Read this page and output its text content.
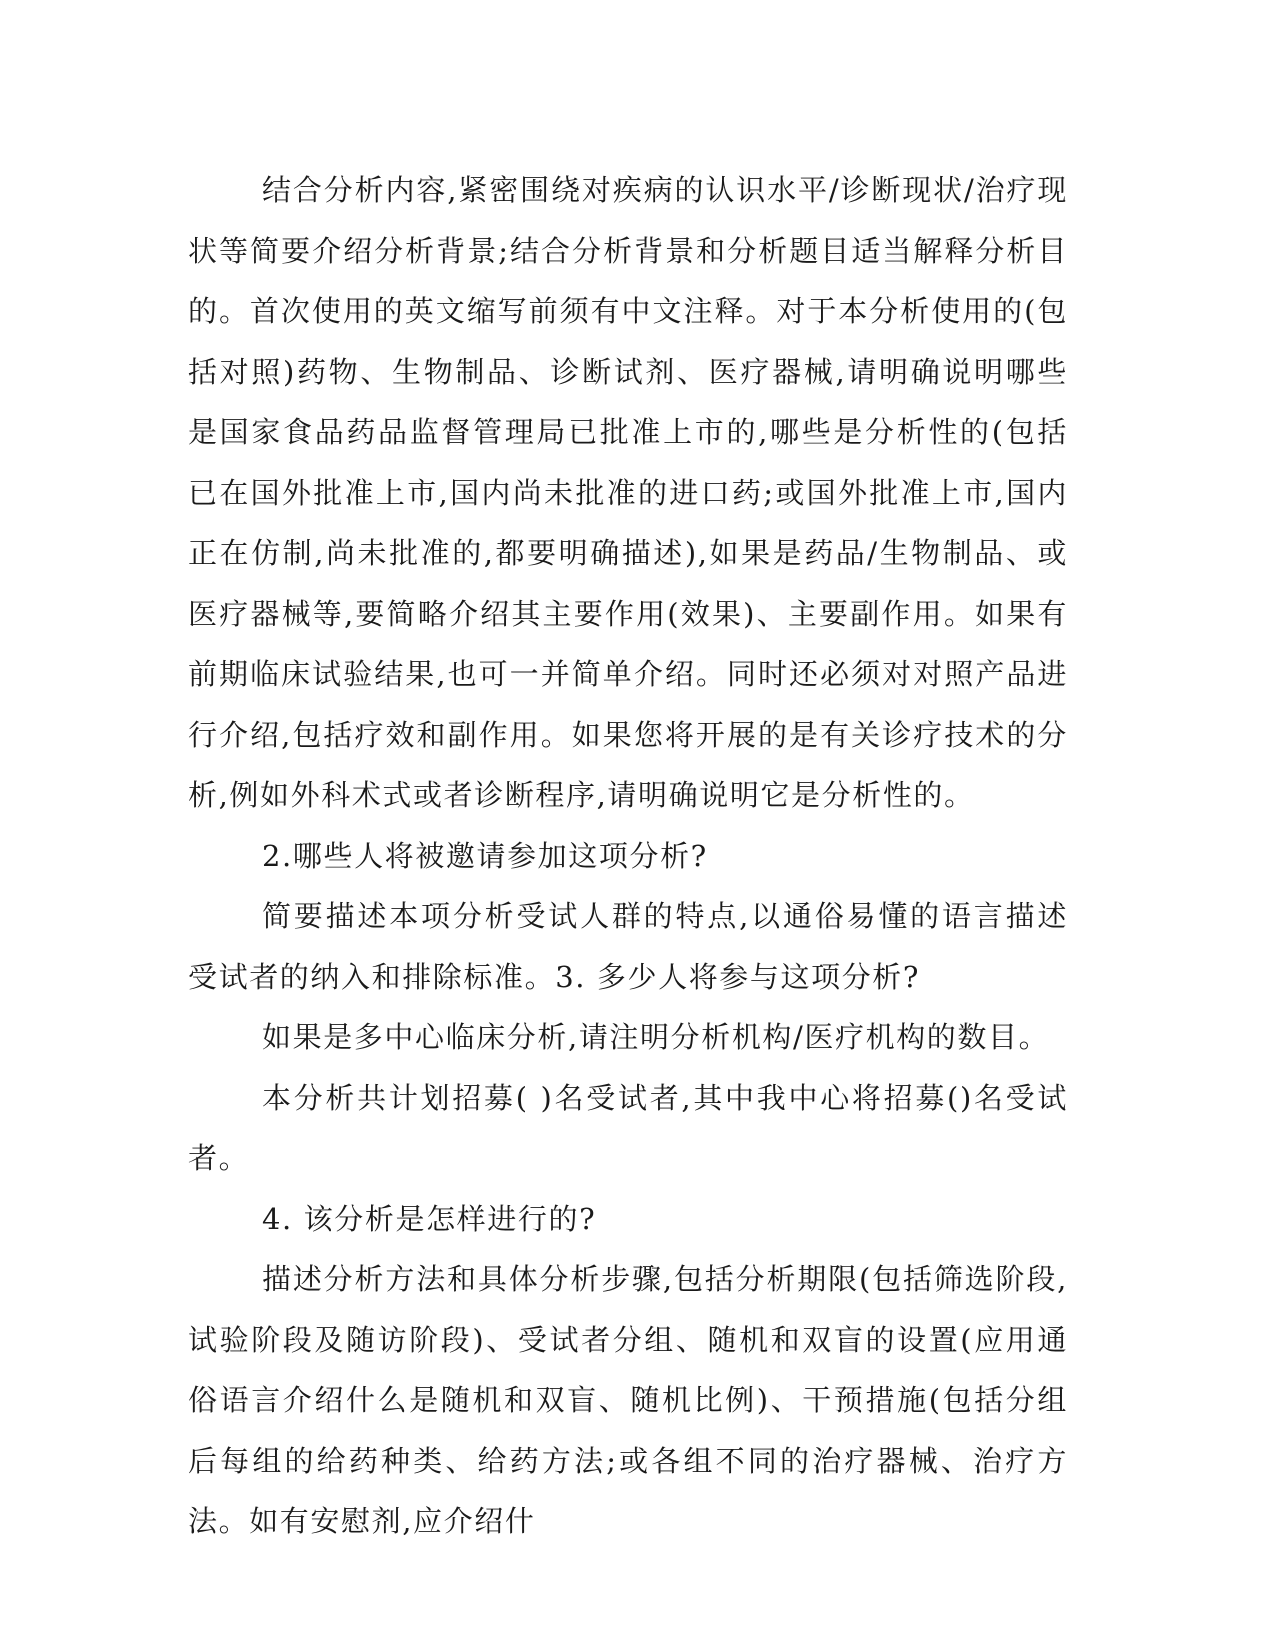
结合分析内容,紧密围绕对疾病的认识水平/诊断现状/治疗现状等简要介绍分析背景;结合分析背景和分析题目适当解释分析目的。首次使用的英文缩写前须有中文注释。对于本分析使用的(包括对照)药物、生物制品、诊断试剂、医疗器械,请明确说明哪些是国家食品药品监督管理局已批准上市的,哪些是分析性的(包括已在国外批准上市,国内尚未批准的进口药;或国外批准上市,国内正在仿制,尚未批准的,都要明确描述),如果是药品/生物制品、或医疗器械等,要简略介绍其主要作用(效果)、主要副作用。如果有前期临床试验结果,也可一并简单介绍。同时还必须对对照产品进行介绍,包括疗效和副作用。如果您将开展的是有关诊疗技术的分析,例如外科术式或者诊断程序,请明确说明它是分析性的。

2.哪些人将被邀请参加这项分析?

简要描述本项分析受试人群的特点,以通俗易懂的语言描述受试者的纳入和排除标准。3. 多少人将参与这项分析?

如果是多中心临床分析,请注明分析机构/医疗机构的数目。

本分析共计划招募( )名受试者,其中我中心将招募()名受试者。

4. 该分析是怎样进行的?

描述分析方法和具体分析步骤,包括分析期限(包括筛选阶段,试验阶段及随访阶段)、受试者分组、随机和双盲的设置(应用通俗语言介绍什么是随机和双盲、随机比例)、干预措施(包括分组后每组的给药种类、给药方法;或各组不同的治疗器械、治疗方法。如有安慰剂,应介绍什
